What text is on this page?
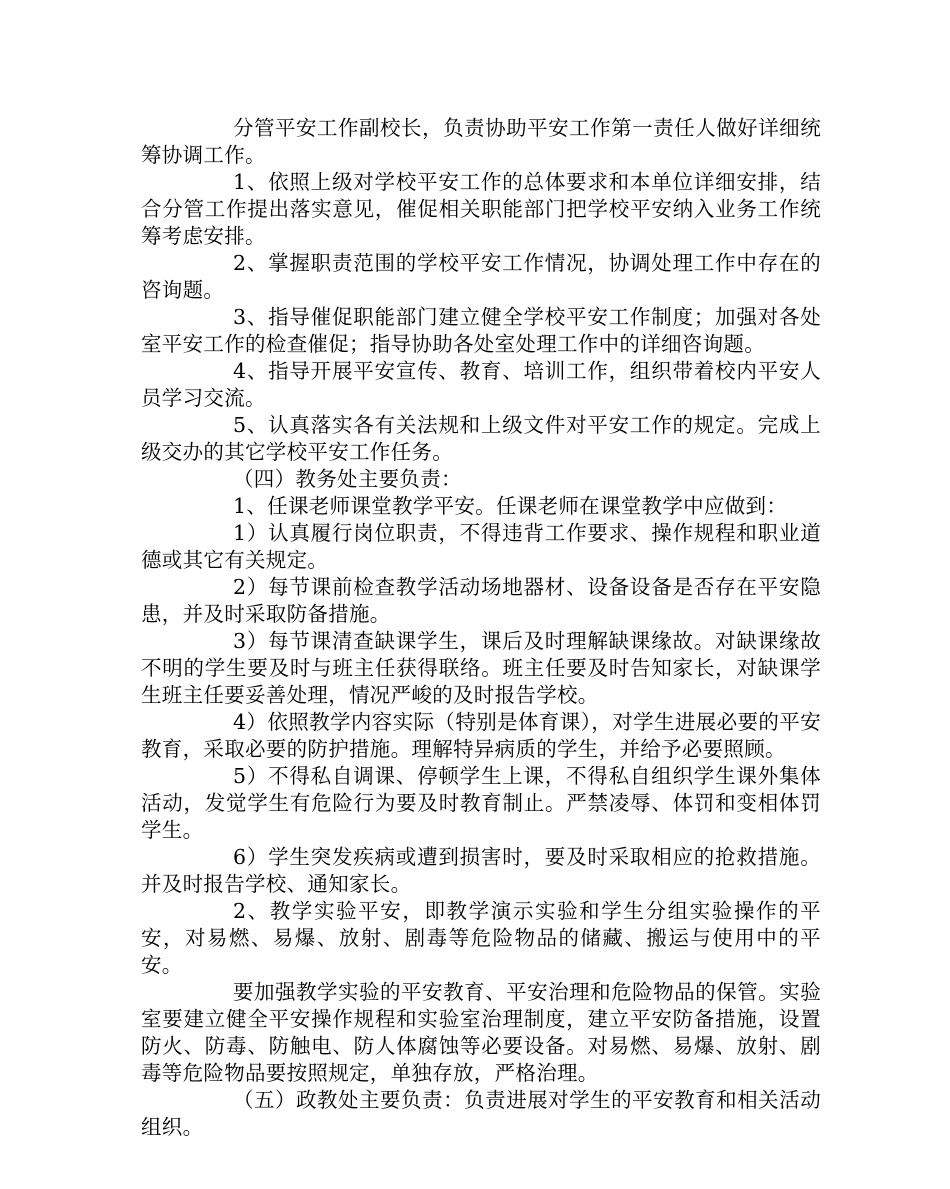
分管平安工作副校长，负责协助平安工作第一责任人做好详细统筹协调工作。

1、依照上级对学校平安工作的总体要求和本单位详细安排，结合分管工作提出落实意见，催促相关职能部门把学校平安纳入业务工作统筹考虑安排。

2、掌握职责范围的学校平安工作情况，协调处理工作中存在的咨询题。

3、指导催促职能部门建立健全学校平安工作制度；加强对各处室平安工作的检查催促；指导协助各处室处理工作中的详细咨询题。

4、指导开展平安宣传、教育、培训工作，组织带着校内平安人员学习交流。

5、认真落实各有关法规和上级文件对平安工作的规定。完成上级交办的其它学校平安工作任务。

（四）教务处主要负责：

1、任课老师课堂教学平安。任课老师在课堂教学中应做到：

1）认真履行岗位职责，不得违背工作要求、操作规程和职业道德或其它有关规定。

2）每节课前检查教学活动场地器材、设备设备是否存在平安隐患，并及时采取防备措施。

3）每节课清查缺课学生，课后及时理解缺课缘故。对缺课缘故不明的学生要及时与班主任获得联络。班主任要及时告知家长，对缺课学生班主任要妥善处理，情况严峻的及时报告学校。

4）依照教学内容实际（特别是体育课），对学生进展必要的平安教育，采取必要的防护措施。理解特异病质的学生，并给予必要照顾。

5）不得私自调课、停顿学生上课，不得私自组织学生课外集体活动，发觉学生有危险行为要及时教育制止。严禁凌辱、体罚和变相体罚学生。

6）学生突发疾病或遭到损害时，要及时采取相应的抢救措施。并及时报告学校、通知家长。

2、教学实验平安，即教学演示实验和学生分组实验操作的平安，对易燃、易爆、放射、剧毒等危险物品的储藏、搬运与使用中的平安。

要加强教学实验的平安教育、平安治理和危险物品的保管。实验室要建立健全平安操作规程和实验室治理制度，建立平安防备措施，设置防火、防毒、防触电、防人体腐蚀等必要设备。对易燃、易爆、放射、剧毒等危险物品要按照规定，单独存放，严格治理。

（五）政教处主要负责：负责进展对学生的平安教育和相关活动组织。
